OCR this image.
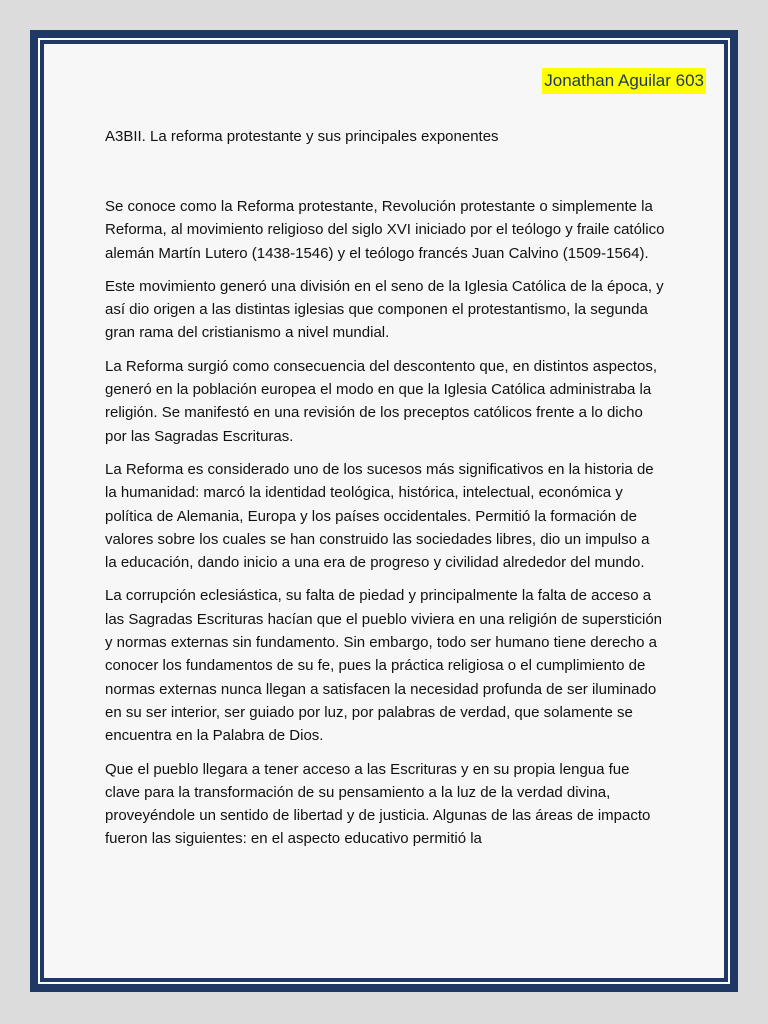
Jonathan Aguilar 603
A3BII. La reforma protestante y sus principales exponentes

Se conoce como la Reforma protestante, Revolución protestante o simplemente la Reforma, al movimiento religioso del siglo XVI iniciado por el teólogo y fraile católico alemán Martín Lutero (1438-1546) y el teólogo francés Juan Calvino (1509-1564).

Este movimiento generó una división en el seno de la Iglesia Católica de la época, y así dio origen a las distintas iglesias que componen el protestantismo, la segunda gran rama del cristianismo a nivel mundial.

La Reforma surgió como consecuencia del descontento que, en distintos aspectos, generó en la población europea el modo en que la Iglesia Católica administraba la religión. Se manifestó en una revisión de los preceptos católicos frente a lo dicho por las Sagradas Escrituras.

La Reforma es considerado uno de los sucesos más significativos en la historia de la humanidad: marcó la identidad teológica, histórica, intelectual, económica y política de Alemania, Europa y los países occidentales. Permitió la formación de valores sobre los cuales se han construido las sociedades libres, dio un impulso a la educación, dando inicio a una era de progreso y civilidad alrededor del mundo.

La corrupción eclesiástica, su falta de piedad y principalmente la falta de acceso a las Sagradas Escrituras hacían que el pueblo viviera en una religión de superstición y normas externas sin fundamento. Sin embargo, todo ser humano tiene derecho a conocer los fundamentos de su fe, pues la práctica religiosa o el cumplimiento de normas externas nunca llegan a satisfacen la necesidad profunda de ser iluminado en su ser interior, ser guiado por luz, por palabras de verdad, que solamente se encuentra en la Palabra de Dios.

Que el pueblo llegara a tener acceso a las Escrituras y en su propia lengua fue clave para la transformación de su pensamiento a la luz de la verdad divina, proveyéndole un sentido de libertad y de justicia. Algunas de las áreas de impacto fueron las siguientes: en el aspecto educativo permitió la
